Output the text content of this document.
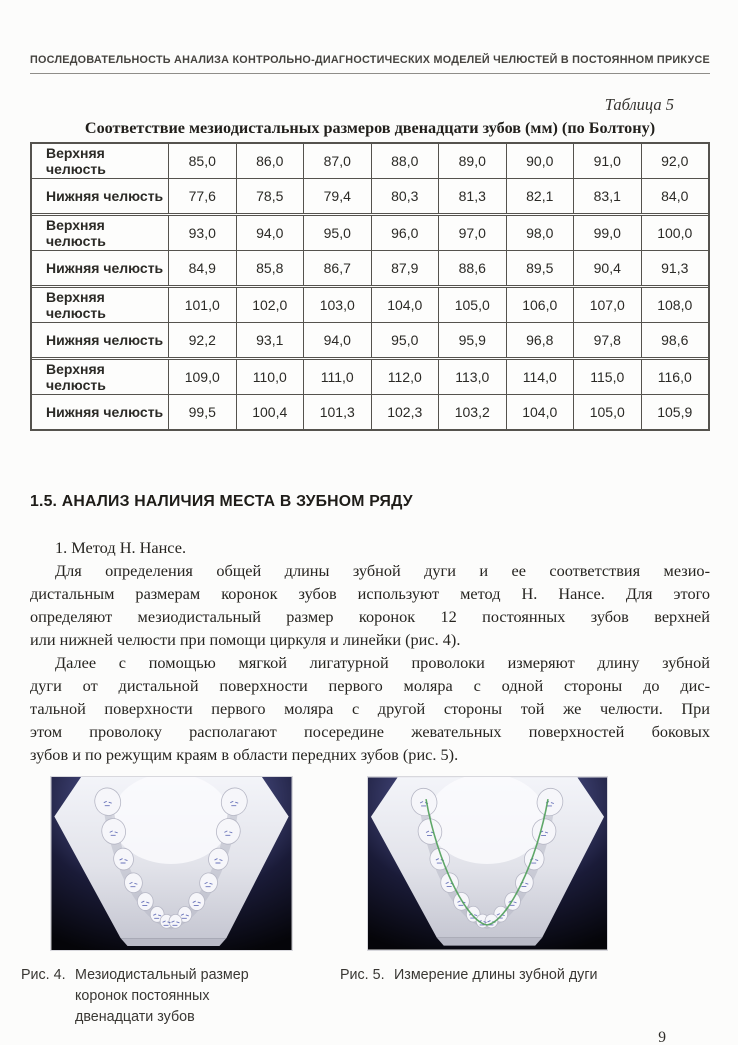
ПОСЛЕДОВАТЕЛЬНОСТЬ АНАЛИЗА КОНТРОЛЬНО-ДИАГНОСТИЧЕСКИХ МОДЕЛЕЙ ЧЕЛЮСТЕЙ В ПОСТОЯННОМ ПРИКУСЕ
Таблица 5
Соответствие мезиодистальных размеров двенадцати зубов (мм) (по Болтону)
Верхняя челюсть	85,0	86,0	87,0	88,0	89,0	90,0	91,0	92,0
Нижняя челюсть	77,6	78,5	79,4	80,3	81,3	82,1	83,1	84,0
Верхняя челюсть	93,0	94,0	95,0	96,0	97,0	98,0	99,0	100,0
Нижняя челюсть	84,9	85,8	86,7	87,9	88,6	89,5	90,4	91,3
Верхняя челюсть	101,0	102,0	103,0	104,0	105,0	106,0	107,0	108,0
Нижняя челюсть	92,2	93,1	94,0	95,0	95,9	96,8	97,8	98,6
Верхняя челюсть	109,0	110,0	111,0	112,0	113,0	114,0	115,0	116,0
Нижняя челюсть	99,5	100,4	101,3	102,3	103,2	104,0	105,0	105,9
1.5. АНАЛИЗ НАЛИЧИЯ МЕСТА В ЗУБНОМ РЯДУ
1. Метод Н. Нансе.
Для определения общей длины зубной дуги и ее соответствия мезио-
дистальным размерам коронок зубов используют метод Н. Нансе. Для этого
определяют мезиодистальный размер коронок 12 постоянных зубов верхней
или нижней челюсти при помощи циркуля и линейки (рис. 4).
Далее с помощью мягкой лигатурной проволоки измеряют длину зубной
дуги от дистальной поверхности первого моляра с одной стороны до дис-
тальной поверхности первого моляра с другой стороны той же челюсти. При
этом проволоку располагают посередине жевательных поверхностей боковых
зубов и по режущим краям в области передних зубов (рис. 5).
Рис. 4. Мезиодистальный размер
коронок постоянных
двенадцати зубов
Рис. 5. Измерение длины зубной дуги
9
